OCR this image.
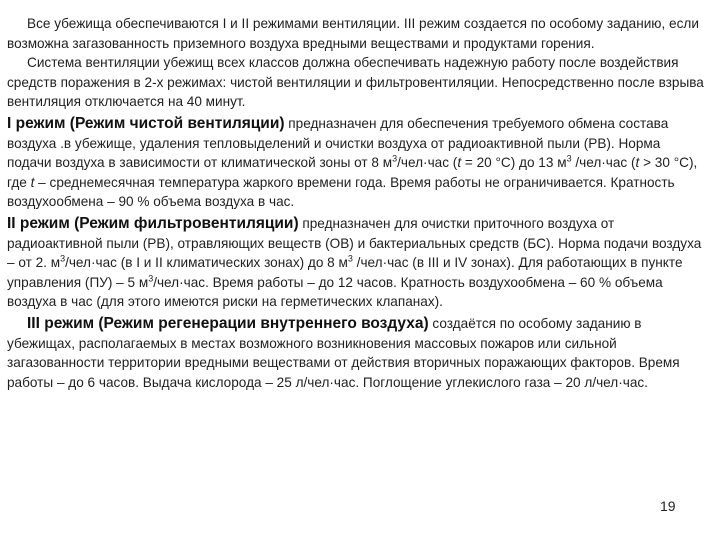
Все убежища обеспечиваются I и II режимами вентиляции. III режим создается по особому заданию, если возможна загазованность приземного воздуха вредными веществами и продуктами горения.

Система вентиляции убежищ всех классов должна обеспечивать надежную работу после воздействия средств поражения в 2-х режимах: чистой вентиляции и фильтровентиляции. Непосредственно после взрыва вентиляция отключается на 40 минут.

I режим (Режим чистой вентиляции) предназначен для обеспечения требуемого обмена состава воздуха .в убежище, удаления тепловыделений и очистки воздуха от радиоактивной пыли (РВ). Норма подачи воздуха в зависимости от климатической зоны от 8 $м^3/чел\cdot час$ (t = 20 °С) до 13 $м^3$ /чел·час (t > 30 °С), где t – среднемесячная температура жаркого времени года. Время работы не ограничивается. Кратность воздухообмена – 90 % объема воздуха в час.

II режим (Режим фильтровентиляции) предназначен для очистки приточного воздуха от радиоактивной пыли (РВ), отравляющих веществ (ОВ) и бактериальных средств (БС). Норма подачи воздуха – от 2. $м^3/чел\cdot час$ (в I и II климатических зонах) до 8 $м^3$ /чел·час (в III и IV зонах). Для работающих в пункте управления (ПУ) – 5 $м^3/чел\cdot час$. Время работы – до 12 часов. Кратность воздухообмена – 60 % объема воздуха в час (для этого имеются риски на герметических клапанах).

III режим (Режим регенерации внутреннего воздуха) создаётся по особому заданию в убежищах, располагаемых в местах возможного возникновения массовых пожаров или сильной загазованности территории вредными веществами от действия вторичных поражающих факторов. Время работы – до 6 часов. Выдача кислорода – 25 л/чел·час. Поглощение углекислого газа – 20 л/чел·час.

19
